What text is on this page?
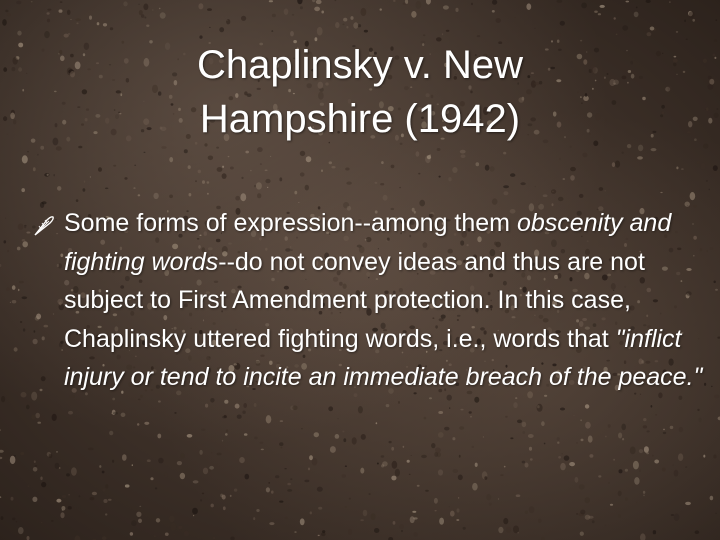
Chaplinsky v. New
Hampshire (1942)
Some forms of expression--among them obscenity and fighting words--do not convey ideas and thus are not subject to First Amendment protection. In this case, Chaplinsky uttered fighting words, i.e., words that "inflict injury or tend to incite an immediate breach of the peace."
